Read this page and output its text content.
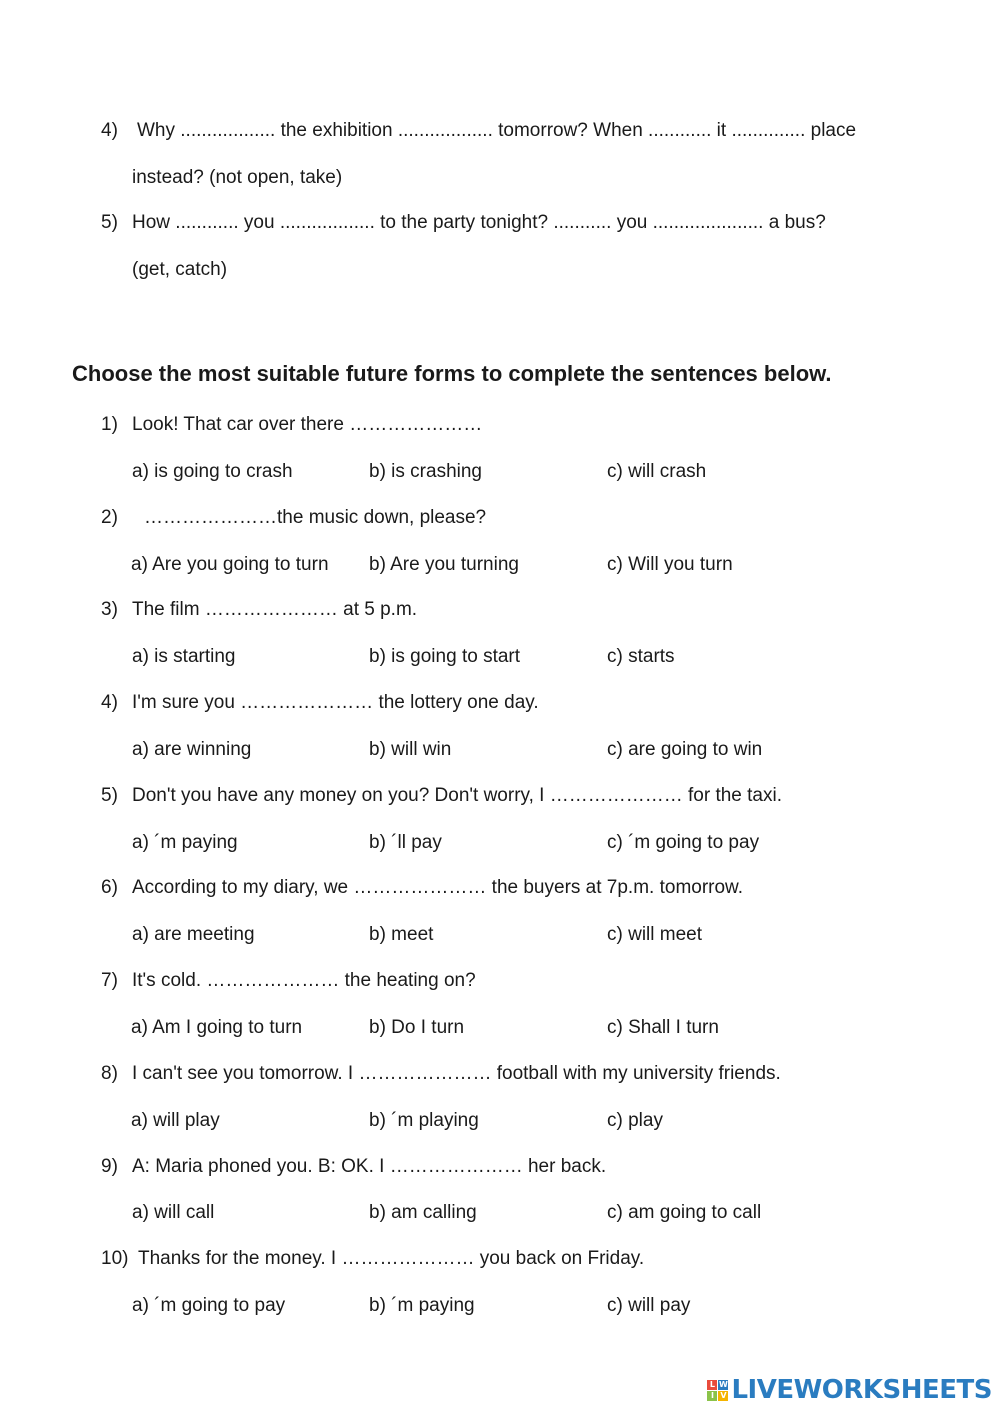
4) Why .................. the exhibition .................. tomorrow? When ............ it .............. place
instead? (not open, take)
5) How ............ you .................. to the party tonight? ........... you ..................... a bus?
(get, catch)
Choose the most suitable future forms to complete the sentences below.
1) Look! That car over there …………………
a) is going to crash	b) is crashing	c) will crash
2) …………………the music down, please?
a) Are you going to turn b) Are you turning	c) Will you turn
3) The film ………………… at 5 p.m.
a) is starting	b) is going to start	c) starts
4) I'm sure you ………………… the lottery one day.
a) are winning	b) will win	c) are going to win
5) Don't you have any money on you? Don't worry, I ………………… for the taxi.
a) ´m paying	b) ´ll pay	c) ´m going to pay
6) According to my diary, we ………………… the buyers at 7p.m. tomorrow.
a) are meeting	b) meet	c) will meet
7) It's cold. ………………… the heating on?
a) Am I going to turn	b) Do I turn	c) Shall I turn
8) I can't see you tomorrow. I ………………… football with my university friends.
a) will play	b) ´m playing	c) play
9) A: Maria phoned you. B: OK. I ………………… her back.
a) will call	b) am calling	c) am going to call
10) Thanks for the money. I ………………… you back on Friday.
a) ´m going to pay	b) ´m paying	c) will pay
L W
I V LIVEWORKSHEETS
